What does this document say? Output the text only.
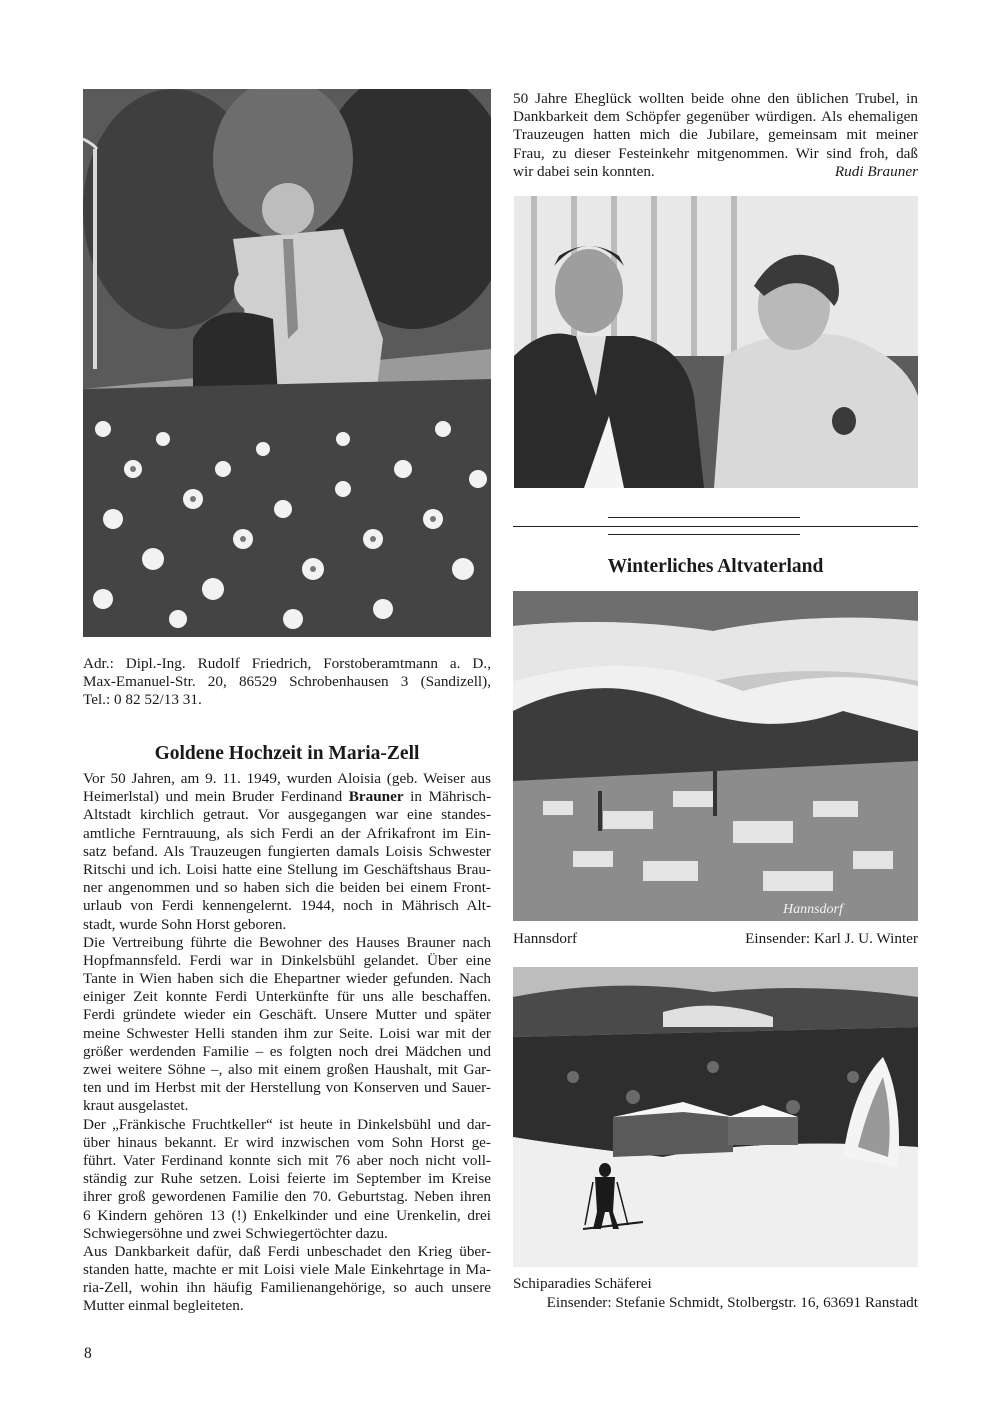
50 Jahre Eheglück wollten beide ohne den üblichen Trubel, in
Dankbarkeit dem Schöpfer gegenüber würdigen. Als ehemaligen
Trauzeugen hatten mich die Jubilare, gemeinsam mit meiner
Frau, zu dieser Festeinkehr mitgenommen. Wir sind froh, daß
wir dabei sein konnten.	Rudi Brauner
Winterliches Altvaterland
Hannsdorf
Hannsdorf	Einsender: Karl J. U. Winter
Schiparadies Schäferei
Einsender: Stefanie Schmidt, Stolbergstr. 16, 63691 Ranstadt
Adr.: Dipl.-Ing. Rudolf Friedrich, Forstoberamtmann a. D.,
Max-Emanuel-Str. 20, 86529 Schrobenhausen 3 (Sandizell),
Tel.: 0 82 52/13 31.
Goldene Hochzeit in Maria-Zell
Vor 50 Jahren, am 9. 11. 1949, wurden Aloisia (geb. Weiser aus
Heimerlstal) und mein Bruder Ferdinand Brauner in Mährisch-
Altstadt kirchlich getraut. Vor ausgegangen war eine standes-
amtliche Ferntrauung, als sich Ferdi an der Afrikafront im Ein-
satz befand. Als Trauzeugen fungierten damals Loisis Schwester
Ritschi und ich. Loisi hatte eine Stellung im Geschäftshaus Brau-
ner angenommen und so haben sich die beiden bei einem Front-
urlaub von Ferdi kennengelernt. 1944, noch in Mährisch Alt-
stadt, wurde Sohn Horst geboren.
Die Vertreibung führte die Bewohner des Hauses Brauner nach
Hopfmannsfeld. Ferdi war in Dinkelsbühl gelandet. Über eine
Tante in Wien haben sich die Ehepartner wieder gefunden. Nach
einiger Zeit konnte Ferdi Unterkünfte für uns alle beschaffen.
Ferdi gründete wieder ein Geschäft. Unsere Mutter und später
meine Schwester Helli standen ihm zur Seite. Loisi war mit der
größer werdenden Familie – es folgten noch drei Mädchen und
zwei weitere Söhne –, also mit einem großen Haushalt, mit Gar-
ten und im Herbst mit der Herstellung von Konserven und Sauer-
kraut ausgelastet.
Der „Fränkische Fruchtkeller“ ist heute in Dinkelsbühl und dar-
über hinaus bekannt. Er wird inzwischen vom Sohn Horst ge-
führt. Vater Ferdinand konnte sich mit 76 aber noch nicht voll-
ständig zur Ruhe setzen. Loisi feierte im September im Kreise
ihrer groß gewordenen Familie den 70. Geburtstag. Neben ihren
6 Kindern gehören 13 (!) Enkelkinder und eine Urenkelin, drei
Schwiegersöhne und zwei Schwiegertöchter dazu.
Aus Dankbarkeit dafür, daß Ferdi unbeschadet den Krieg über-
standen hatte, machte er mit Loisi viele Male Einkehrtage in Ma-
ria-Zell, wohin ihn häufig Familienangehörige, so auch unsere
Mutter einmal begleiteten.
8
